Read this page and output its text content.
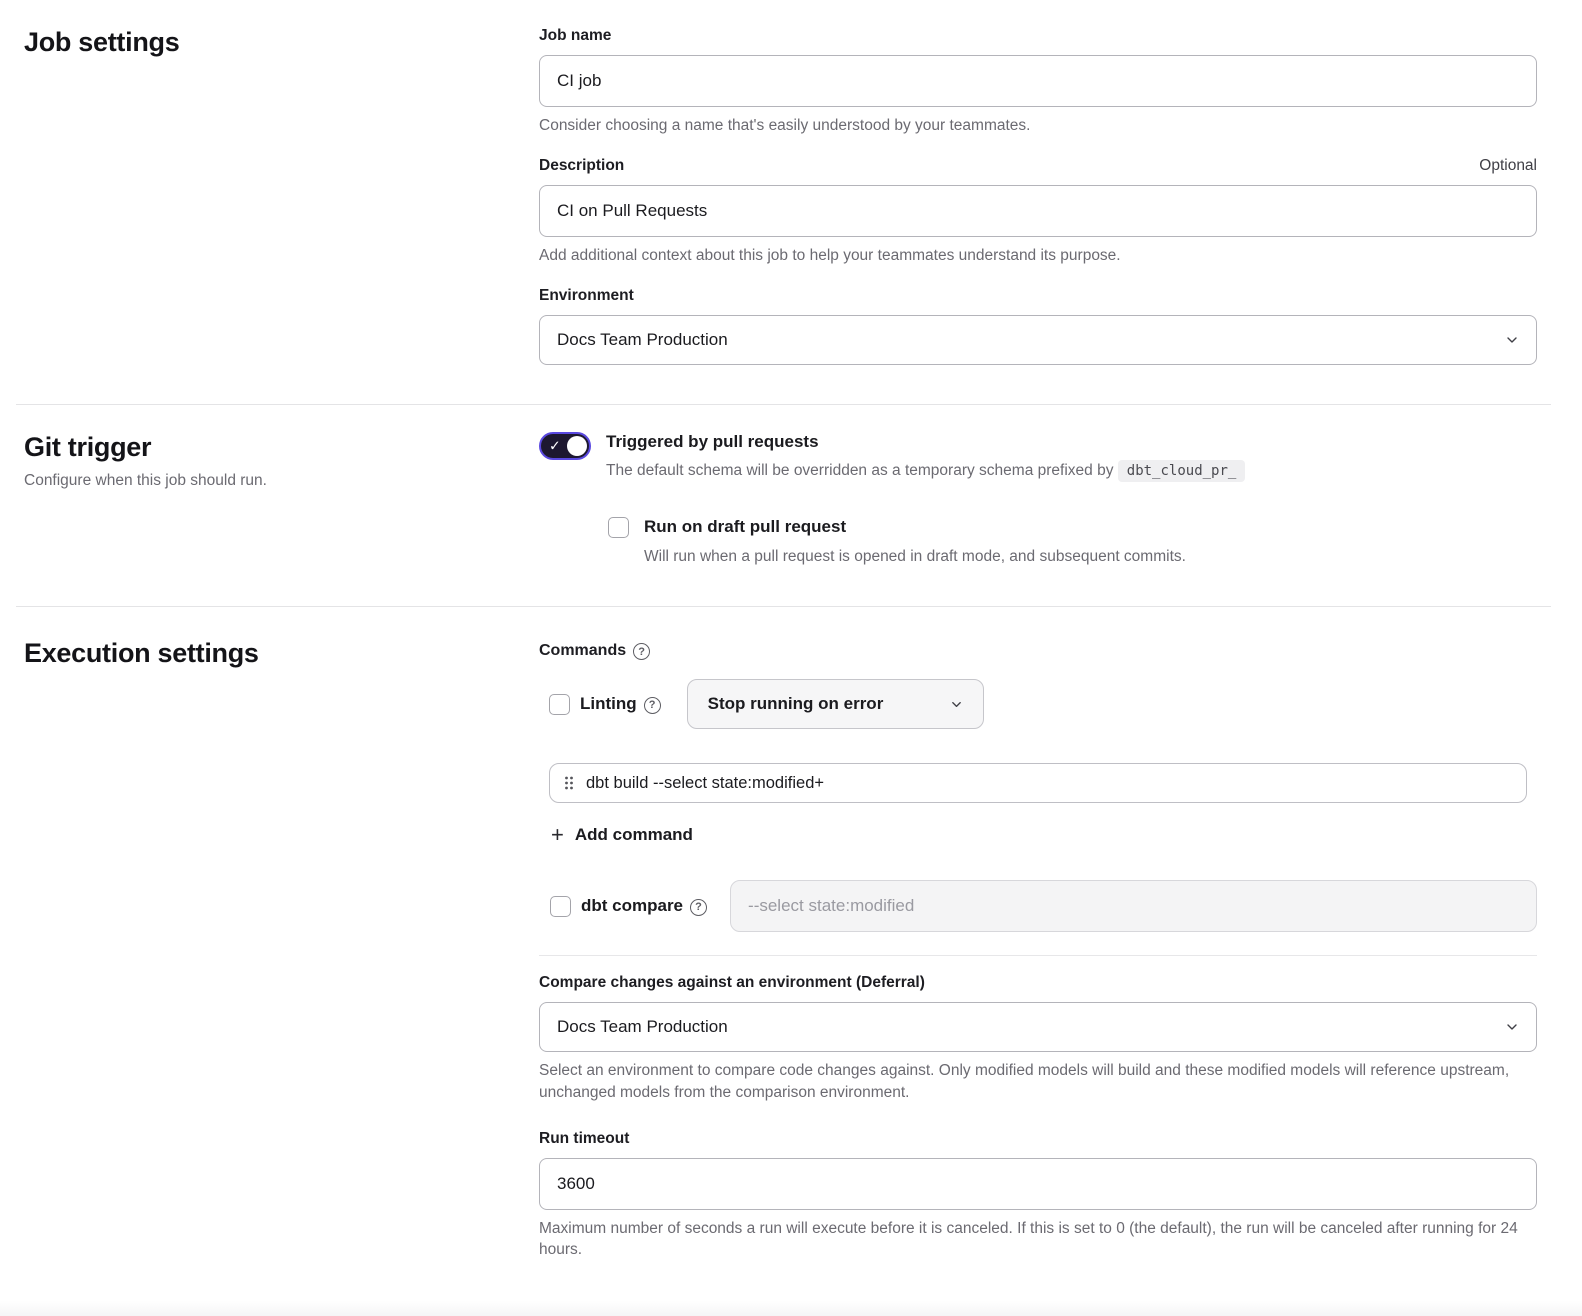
Job settings	Job name
CI job
Consider choosing a name that's easily understood by your teammates.
Description	Optional
CI on Pull Requests
Add additional context about this job to help your teammates understand its purpose.
Environment
Docs Team Production
Git trigger
Configure when this job should run.
✓	Triggered by pull requests
The default schema will be overridden as a temporary schema prefixed by dbt_cloud_pr_
Run on draft pull request
Will run when a pull request is opened in draft mode, and subsequent commits.
Execution settings	Commands	?
Linting	?	Stop running on error
dbt build --select state:modified+
+ Add command
dbt compare	?
--select state:modified
Compare changes against an environment (Deferral)
Docs Team Production
Select an environment to compare code changes against. Only modified models will build and these modified models will reference upstream, unchanged models from the comparison environment.
Run timeout
3600
Maximum number of seconds a run will execute before it is canceled. If this is set to 0 (the default), the run will be canceled after running for 24 hours.
